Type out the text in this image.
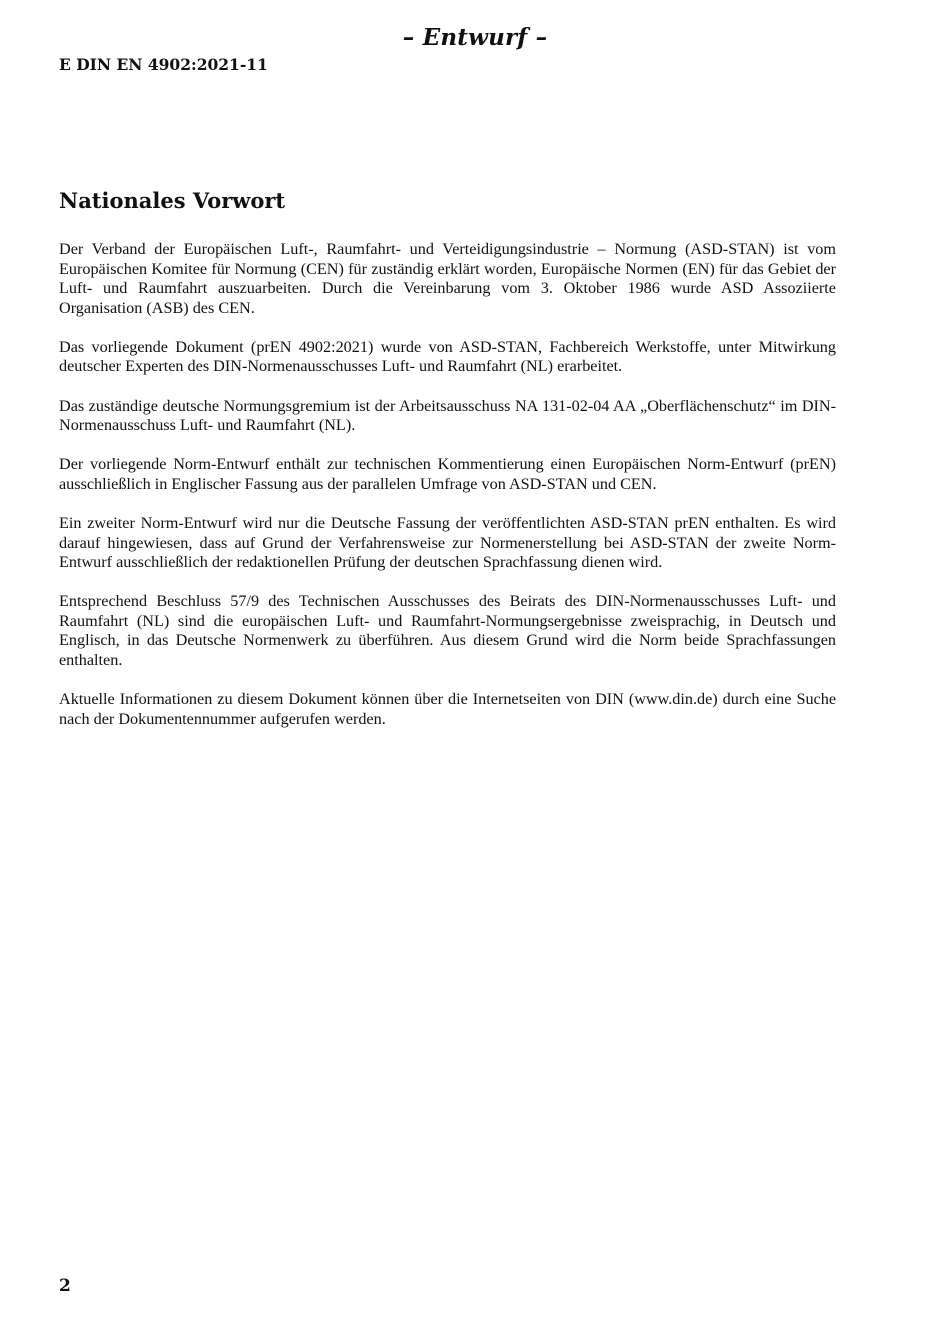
– Entwurf –
E DIN EN 4902:2021-11
Nationales Vorwort

Der Verband der Europäischen Luft-, Raumfahrt- und Verteidigungsindustrie – Normung (ASD-STAN) ist vom Europäischen Komitee für Normung (CEN) für zuständig erklärt worden, Europäische Normen (EN) für das Gebiet der Luft- und Raumfahrt auszuarbeiten. Durch die Vereinbarung vom 3. Oktober 1986 wurde ASD Assoziierte Organisation (ASB) des CEN.

Das vorliegende Dokument (prEN 4902:2021) wurde von ASD-STAN, Fachbereich Werkstoffe, unter Mitwirkung deutscher Experten des DIN-Normenausschusses Luft- und Raumfahrt (NL) erarbeitet.

Das zuständige deutsche Normungsgremium ist der Arbeitsausschuss NA 131-02-04 AA „Oberflächenschutz“ im DIN-Normenausschuss Luft- und Raumfahrt (NL).

Der vorliegende Norm-Entwurf enthält zur technischen Kommentierung einen Europäischen Norm-Entwurf (prEN) ausschließlich in Englischer Fassung aus der parallelen Umfrage von ASD-STAN und CEN.

Ein zweiter Norm-Entwurf wird nur die Deutsche Fassung der veröffentlichten ASD-STAN prEN enthalten. Es wird darauf hingewiesen, dass auf Grund der Verfahrensweise zur Normenerstellung bei ASD-STAN der zweite Norm-Entwurf ausschließlich der redaktionellen Prüfung der deutschen Sprachfassung dienen wird.

Entsprechend Beschluss 57/9 des Technischen Ausschusses des Beirats des DIN-Normenausschusses Luft- und Raumfahrt (NL) sind die europäischen Luft- und Raumfahrt-Normungsergebnisse zweisprachig, in Deutsch und Englisch, in das Deutsche Normenwerk zu überführen. Aus diesem Grund wird die Norm beide Sprachfassungen enthalten.

Aktuelle Informationen zu diesem Dokument können über die Internetseiten von DIN (www.din.de) durch eine Suche nach der Dokumentennummer aufgerufen werden.

2
